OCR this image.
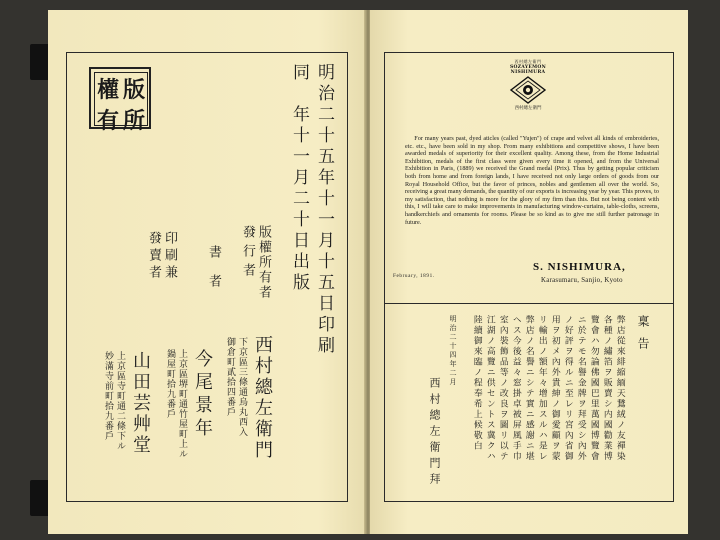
版
權
所
有	明治二十五年十一月十五日印刷
同　年十一月二十日出版
版權所有者
發行者
書者
印刷兼
發賣者
西村總左衛門
下京區三條通烏丸西入
御倉町貳拾四番戶
今尾景年
上京區堺町通竹屋町上ル
鍋屋町拾九番戶
山田芸艸堂
上京區寺町通二條下ル
妙滿寺前町拾九番戶
西村總左衛門
SOZAYEMON NISHIMURA
西村總左衛門

For many years past, dyed aticles (called "Yujen") of crape and velvet all kinds of embroideries, etc. etc., have been sold in my shop. From many exhibitions and competitive shows, I have been awarded medals of superiority for their excellent quality. Among these, from the Home Industrial Exhibition, medals of the first class were given every time it opened, and from the Universal Exhibition in Paris, (1889) we received the Grand medal (Prix). Thus by getting popular criticism both from home and from foreign lands, I have received not only large orders of goods from our Royal Household Office, but the favor of princes, nobles and gentlemen all over the world. So, receiving a great many demands, the quantity of our exports is increasing year by year. This proves, to my satisfaction, that nothing is more for the glory of my firm than this. But not being content with this, I will take care to make improvements in manufacturing window-curtains, table-cloths, screens, handkerchiefs and ornaments for rooms. Please be so kind as to give me still further patronage in future.

February, 1891.
S. NISHIMURA,
Karasumaru, Sanjio, Kyoto
稟告
弊店從來緋縮緬天鵞絨ノ友禪染
各種ノ繡箔ヲ販賣シ内國勸業博
覽會ハ勿論佛國巴里萬國博覽會
ニ於テモ名譽金牌ヲ拜受シ內外
ノ好評ヲ得ルニ至レリ宮內省御
用ヲ初メ內外貴紳ノ御愛顧ヲ蒙
リ輸出ノ額年々增加スルハ是レ
弊店ノ名譽ニシテ實ニ感謝ニ堪
ヘス今後益々窓掛卓被屏風手巾
室內裝飾品等ノ改良ヲ圖リ以テ
江湖ノ高覽ニ供セントス冀クハ
陸續御來臨ノ程奉希上候敬白
明治二十四年二月
西村總左衛門拜
